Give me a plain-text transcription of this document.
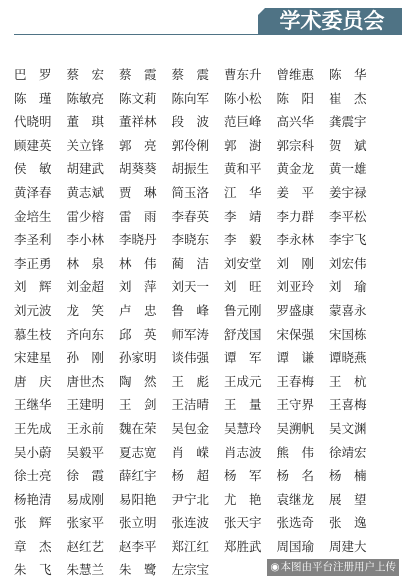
学术委员会
巴　罗	蔡　宏	蔡　霞	蔡　震	曹东升	曾维惠	陈　华
陈　瑾	陈敏亮	陈文莉	陈向军	陈小松	陈　阳	崔　杰
代晓明	董　琪	董祥林	段　波	范巨峰	高兴华	龚震宇
顾建英	关立锋	郭　亮	郭伶俐	郭　澍	郭宗科	贺　斌
侯　敏	胡建武	胡葵葵	胡振生	黄和平	黄金龙	黄一雄
黄泽春	黄志斌	贾　琳	简玉洛	江　华	姜　平	姜宇禄
金培生	雷少榕	雷　雨	李春英	李　靖	李力群	李平松
李圣利	李小林	李晓丹	李晓东	李　毅	李永林	李宇飞
李正勇	林　泉	林　伟	蔺　洁	刘安堂	刘　刚	刘宏伟
刘　辉	刘金超	刘　萍	刘天一	刘　旺	刘亚玲	刘　瑜
刘元波	龙　笑	卢　忠	鲁　峰	鲁元刚	罗盛康	蒙喜永
慕生枝	齐向东	邱　英	师军涛	舒茂国	宋保强	宋国栋
宋建星	孙　刚	孙家明	谈伟强	谭　军	谭　谦	谭晓燕
唐　庆	唐世杰	陶　然	王　彪	王成元	王春梅	王　杭
王继华	王建明	王　剑	王洁晴	王　量	王守界	王喜梅
王先成	王永前	魏在荣	吴包金	吴慧玲	吴溯帆	吴文渊
吴小蔚	吴毅平	夏志宽	肖　嵘	肖志波	熊　伟	徐靖宏
徐士亮	徐　霞	薛红宇	杨　超	杨　军	杨　名	杨　楠
杨艳清	易成刚	易阳艳	尹宁北	尤　艳	袁继龙	展　望
张　辉	张家平	张立明	张连波	张天宇	张选奇	张　逸
章　杰	赵红艺	赵李平	郑江红	郑胜武	周国瑜	周建大
朱　飞	朱慧兰	朱　鹭	左宗宝	◉本图由平台注册用户上传
